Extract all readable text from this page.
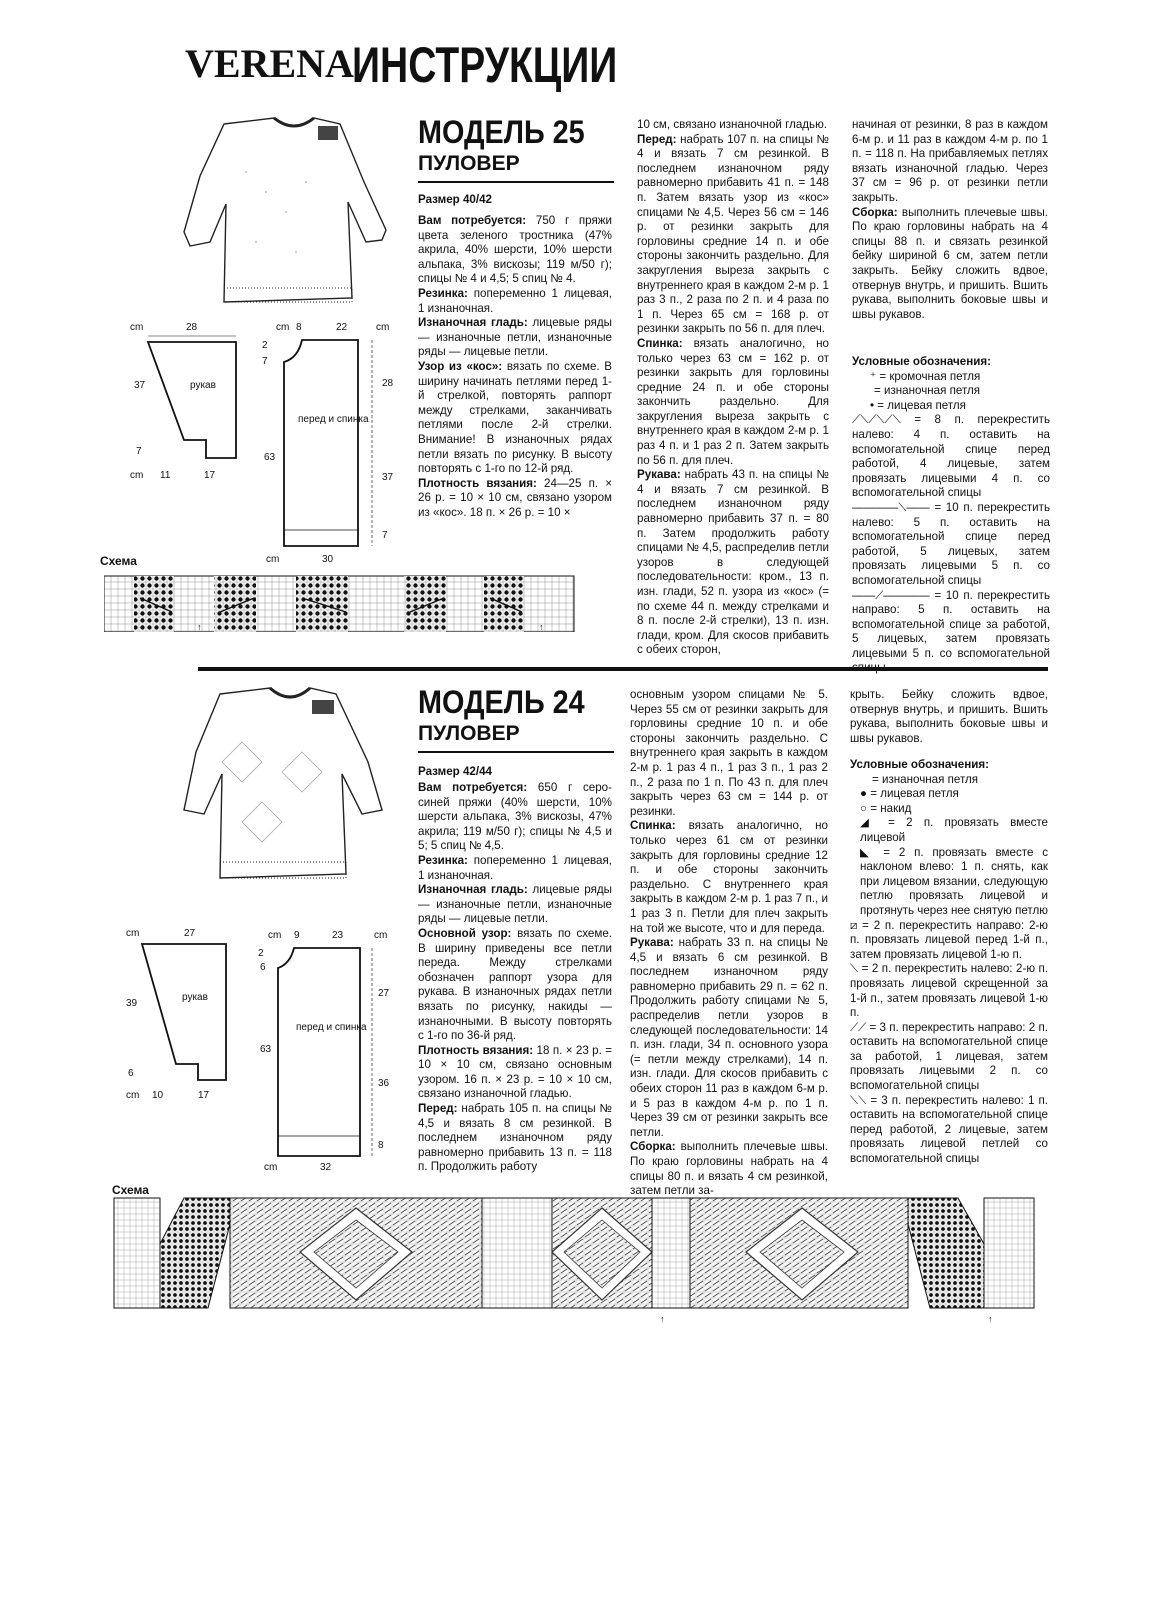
VERENA
ИНСТРУКЦИИ
МОДЕЛЬ 25
ПУЛОВЕР
Размер 40/42

Вам потребуется: 750 г пряжи цвета зеленого тростника (47% акрила, 40% шерсти, 10% шерсти альпака, 3% вискозы; 119 м/50 г); спицы № 4 и 4,5; 5 спиц № 4.

Резинка: попеременно 1 лицевая, 1 изнаночная.

Изнаночная гладь: лицевые ряды — изнаночные петли, изнаночные ряды — лицевые петли.

Узор из «кос»: вязать по схеме. В ширину начинать петлями перед 1-й стрелкой, повторять раппорт между стрелками, заканчивать петлями после 2-й стрелки. Внимание! В изнаночных рядах петли вязать по рисунку. В высоту повторять с 1-го по 12-й ряд.

Плотность вязания: 24—25 п. × 26 р. = 10 × 10 см, связано узором из «кос». 18 п. × 26 р. = 10 ×

10 см, связано изнаночной гладью.

Перед: набрать 107 п. на спицы № 4 и вязать 7 см резинкой. В последнем изнаночном ряду равномерно прибавить 41 п. = 148 п. Затем вязать узор из «кос» спицами № 4,5. Через 56 см = 146 р. от резинки закрыть для горловины средние 14 п. и обе стороны закончить раздельно. Для закругления выреза закрыть с внутреннего края в каждом 2-м р. 1 раз 3 п., 2 раза по 2 п. и 4 раза по 1 п. Через 65 см = 168 р. от резинки закрыть по 56 п. для плеч.

Спинка: вязать аналогично, но только через 63 см = 162 р. от резинки закрыть для горловины средние 24 п. и обе стороны закончить раздельно. Для закругления выреза закрыть с внутреннего края в каждом 2-м р. 1 раз 4 п. и 1 раз 2 п. Затем закрыть по 56 п. для плеч.

Рукава: набрать 43 п. на спицы № 4 и вязать 7 см резинкой. В последнем изнаночном ряду равномерно прибавить 37 п. = 80 п. Затем продолжить работу спицами № 4,5, распределив петли узоров в следующей последовательности: кром., 13 п. изн. глади, 52 п. узора из «кос» (= по схеме 44 п. между стрелками и 8 п. после 2-й стрелки), 13 п. изн. глади, кром. Для скосов прибавить с обеих сторон,

начиная от резинки, 8 раз в каждом 6-м р. и 11 раз в каждом 4-м р. по 1 п. = 118 п. На прибавляемых петлях вязать изнаночной гладью. Через 37 см = 96 р. от резинки петли закрыть.

Сборка: выполнить плечевые швы. По краю горловины набрать на 4 спицы 88 п. и связать резинкой бейку шириной 6 см, затем петли закрыть. Бейку сложить вдвое, отвернув внутрь, и пришить. Вшить рукава, выполнить боковые швы и швы рукавов.

Условные обозначения:
⁺ = кромочная петля
= изнаночная петля
• = лицевая петля
⟋⟍⟋⟍⟋⟍ = 8 п. перекрестить налево: 4 п. оставить на вспомогательной спице перед работой, 4 лицевые, затем провязать лицевыми 4 п. со вспомогательной спицы
————⟍—— = 10 п. перекрестить налево: 5 п. оставить на вспомогательной спице перед работой, 5 лицевых, затем провязать лицевыми 5 п. со вспомогательной спицы
——⟋———— = 10 п. перекрестить направо: 5 п. оставить на вспомогательной спице за работой, 5 лицевых, затем провязать лицевыми 5 п. со вспомогательной
cm	28
37
7
cm 11	17
рукав
cm 8	22	cm
2
7
28
63
37
7
cm	30
перед и спинка
Схема
↑	↑
МОДЕЛЬ 24
ПУЛОВЕР
Размер 42/44

Вам потребуется: 650 г серо-синей пряжи (40% шерсти, 10% шерсти альпака, 3% вискозы, 47% акрила; 119 м/50 г); спицы № 4,5 и 5; 5 спиц № 4,5.

Резинка: попеременно 1 лицевая, 1 изнаночная.

Изнаночная гладь: лицевые ряды — изнаночные петли, изнаночные ряды — лицевые петли.

Основной узор: вязать по схеме. В ширину приведены все петли переда. Между стрелками обозначен раппорт узора для рукава. В изнаночных рядах петли вязать по рисунку, накиды — изнаночными. В высоту повторять с 1-го по 36-й ряд.

Плотность вязания: 18 п. × 23 р. = 10 × 10 см, связано основным узором. 16 п. × 23 р. = 10 × 10 см, связано изнаночной гладью.

Перед: набрать 105 п. на спицы № 4,5 и вязать 8 см резинкой. В последнем изнаночном ряду равномерно прибавить 13 п. = 118 п. Продолжить работу

основным узором спицами № 5. Через 55 см от резинки закрыть для горловины средние 10 п. и обе стороны закончить раздельно. С внутреннего края закрыть в каждом 2-м р. 1 раз 4 п., 1 раз 3 п., 1 раз 2 п., 2 раза по 1 п. По 43 п. для плеч закрыть через 63 см = 144 р. от резинки.

Спинка: вязать аналогично, но только через 61 см от резинки закрыть для горловины средние 12 п. и обе стороны закончить раздельно. С внутреннего края закрыть в каждом 2-м р. 1 раз 7 п., и 1 раз 3 п. Петли для плеч закрыть на той же высоте, что и для переда.

Рукава: набрать 33 п. на спицы № 4,5 и вязать 6 см резинкой. В последнем изнаночном ряду равномерно прибавить 29 п. = 62 п. Продолжить работу спицами № 5, распределив петли узоров в следующей последовательности: 14 п. изн. глади, 34 п. основного узора (= петли между стрелками), 14 п. изн. глади. Для скосов прибавить с обеих сторон 11 раз в каждом 6-м р. и 5 раз в каждом 4-м р. по 1 п. Через 39 см от резинки закрыть все петли.

Сборка: выполнить плечевые швы. По краю горловины набрать на 4 спицы 80 п. и вязать 4 см резинкой, затем петли за-

крыть. Бейку сложить вдвое, отвернув внутрь, и пришить. Вшить рукава, выполнить боковые швы и швы рукавов.

Условные обозначения:
= изнаночная петля
● = лицевая петля
○ = накид
◢ = 2 п. провязать вместе лицевой
◣ = 2 п. провязать вместе с наклоном влево: 1 п. снять, как при лицевом вязании, следующую петлю провязать лицевой и протянуть через нее снятую петлю
⧄ = 2 п. перекрестить направо: 2-ю п. провязать лицевой перед 1-й п., затем провязать лицевой 1-ю п.
⟍ = 2 п. перекрестить налево: 2-ю п. провязать лицевой скрещенной за 1-й п., затем провязать лицевой 1-ю п.
⟋⟋ = 3 п. перекрестить направо: 2 п. оставить на вспомогательной спице за работой, 1 лицевая, затем провязать лицевыми 2 п. со вспомогательной спицы
⟍⟍ = 3 п. перекрестить налево: 1 п. оставить на вспомогательной спице перед работой, 2 лицевые, затем провязать лицевой петлей со вспомогательной спицы
cm	27
39
6
cm 10	17
рукав
cm 9	23	cm
2
6
27
63
36
8
cm	32
перед и спинка
Схема
↑	↑
